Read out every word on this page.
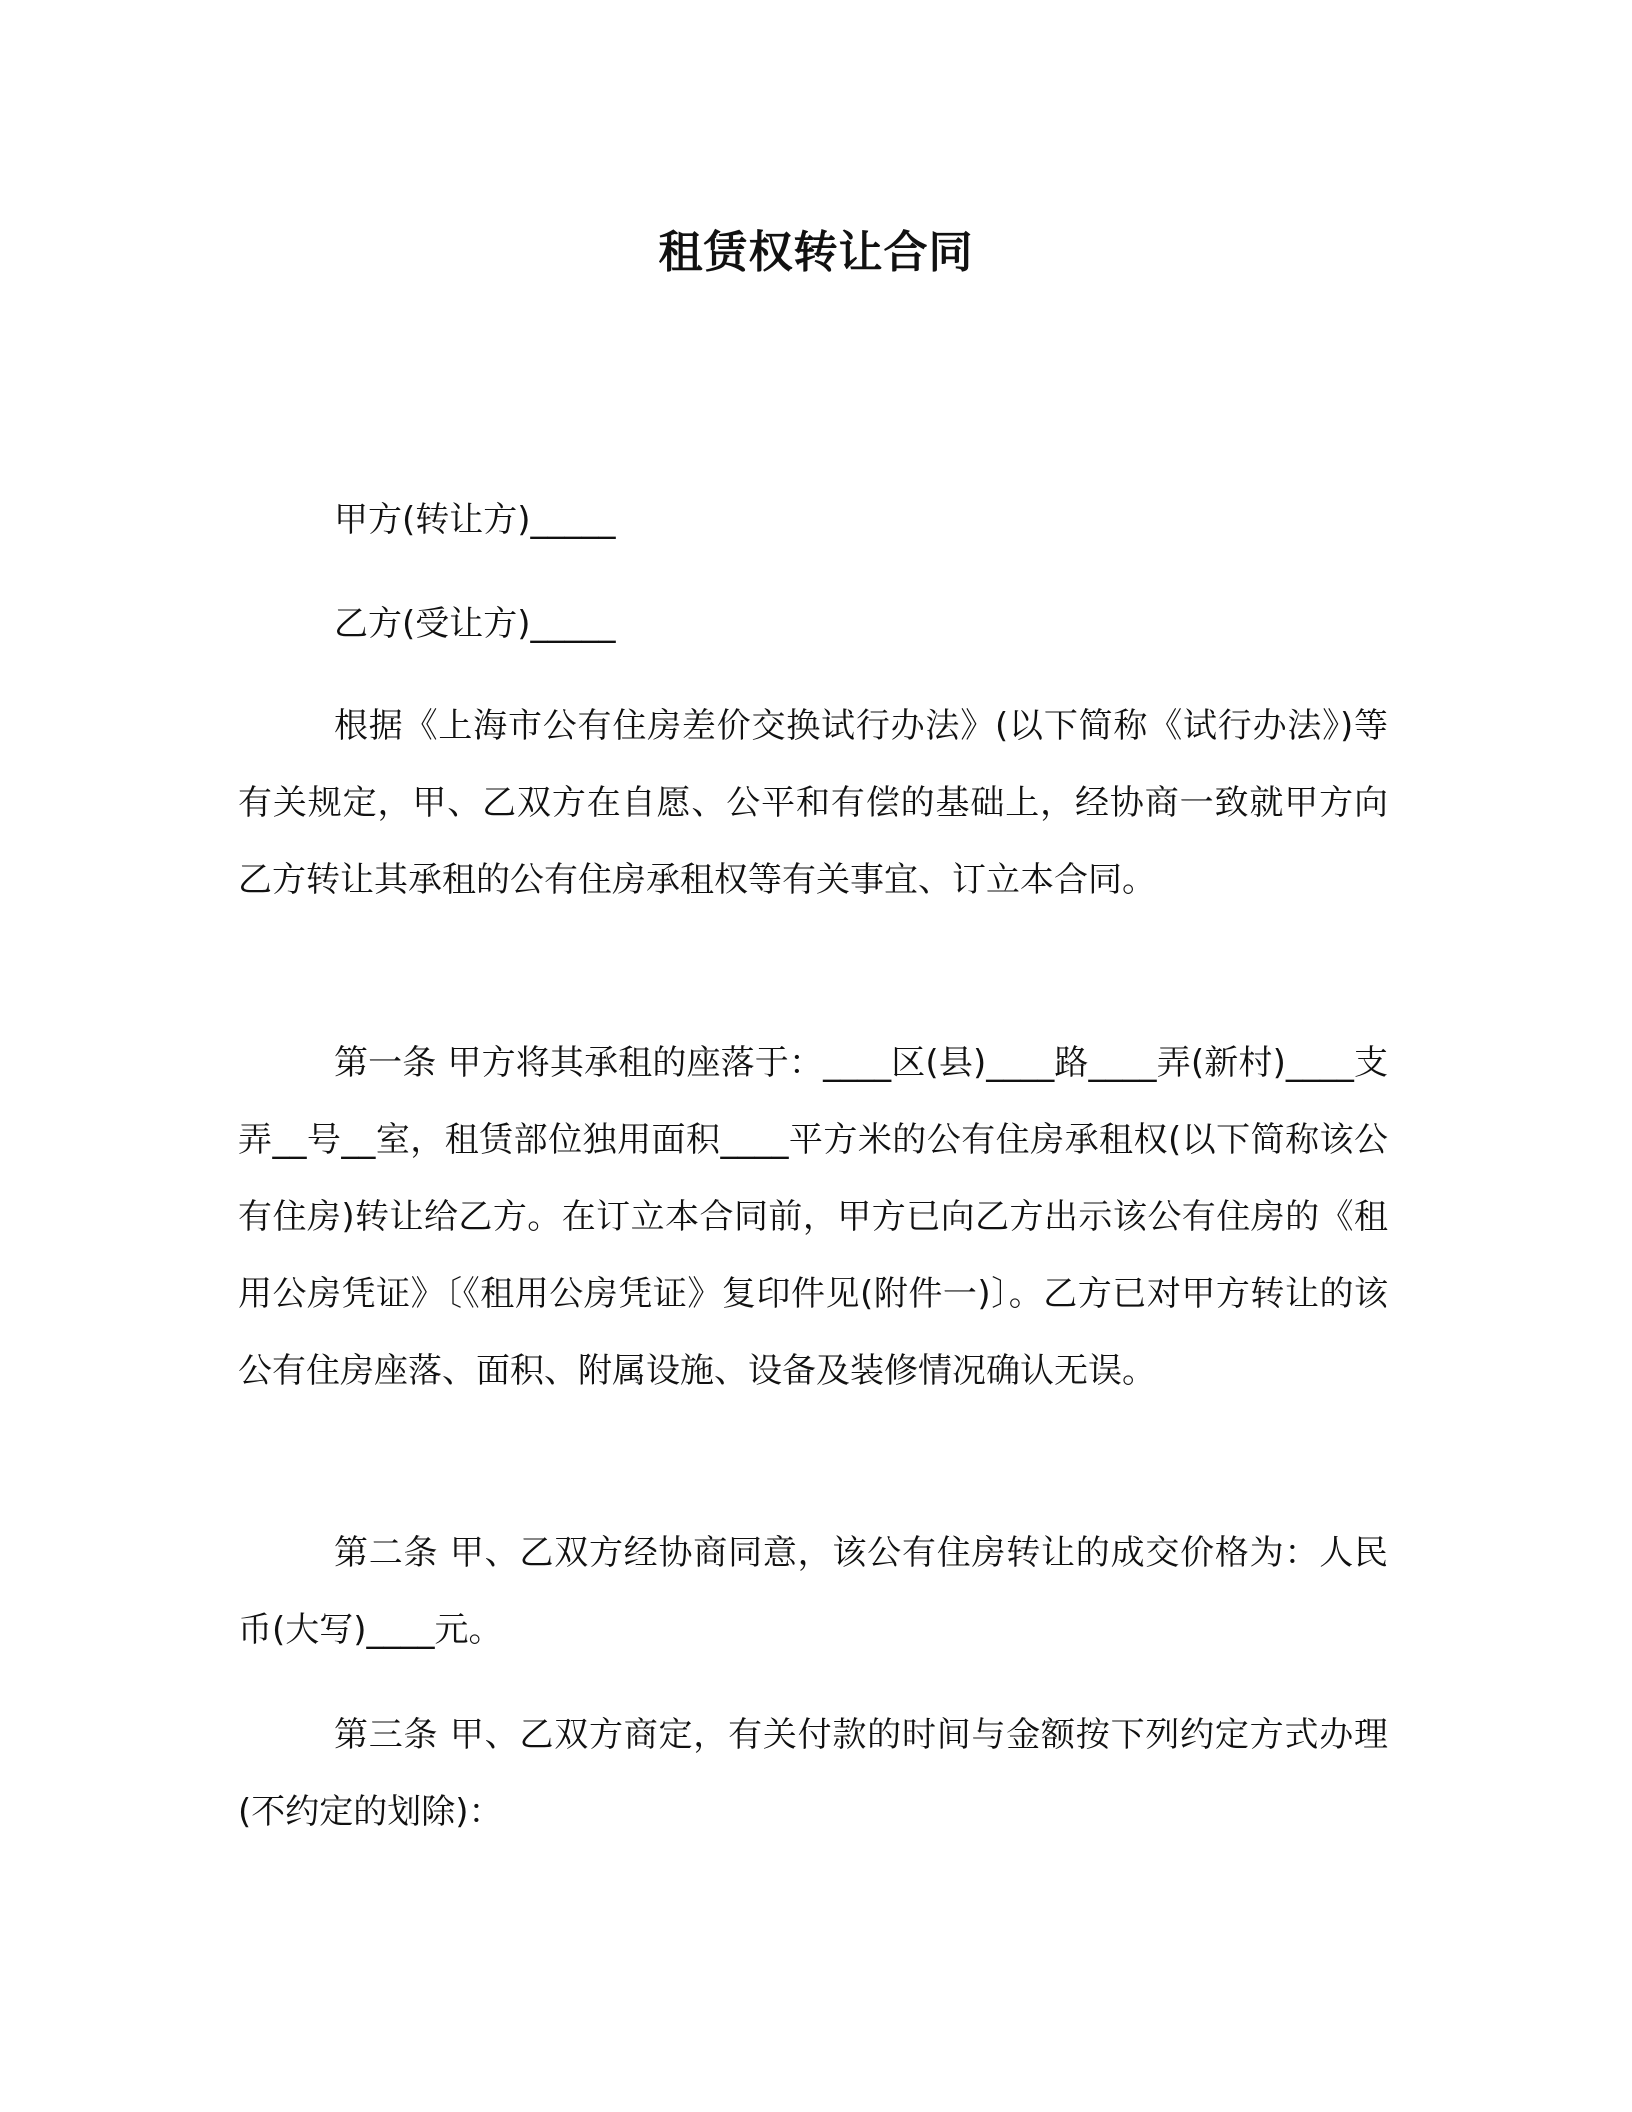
租赁权转让合同
甲方(转让方)_____
乙方(受让方)_____

根据《上海市公有住房差价交换试行办法》(以下简称《试行办法》)等有关规定，甲、乙双方在自愿、公平和有偿的基础上，经协商一致就甲方向乙方转让其承租的公有住房承租权等有关事宜、订立本合同。

第一条 甲方将其承租的座落于：____区(县)____路____弄(新村)____支弄__号__室，租赁部位独用面积____平方米的公有住房承租权(以下简称该公有住房)转让给乙方。在订立本合同前，甲方已向乙方出示该公有住房的《租用公房凭证》〔《租用公房凭证》复印件见(附件一)〕。乙方已对甲方转让的该公有住房座落、面积、附属设施、设备及装修情况确认无误。

第二条 甲、乙双方经协商同意，该公有住房转让的成交价格为：人民币(大写)____元。

第三条 甲、乙双方商定，有关付款的时间与金额按下列约定方式办理(不约定的划除)：
